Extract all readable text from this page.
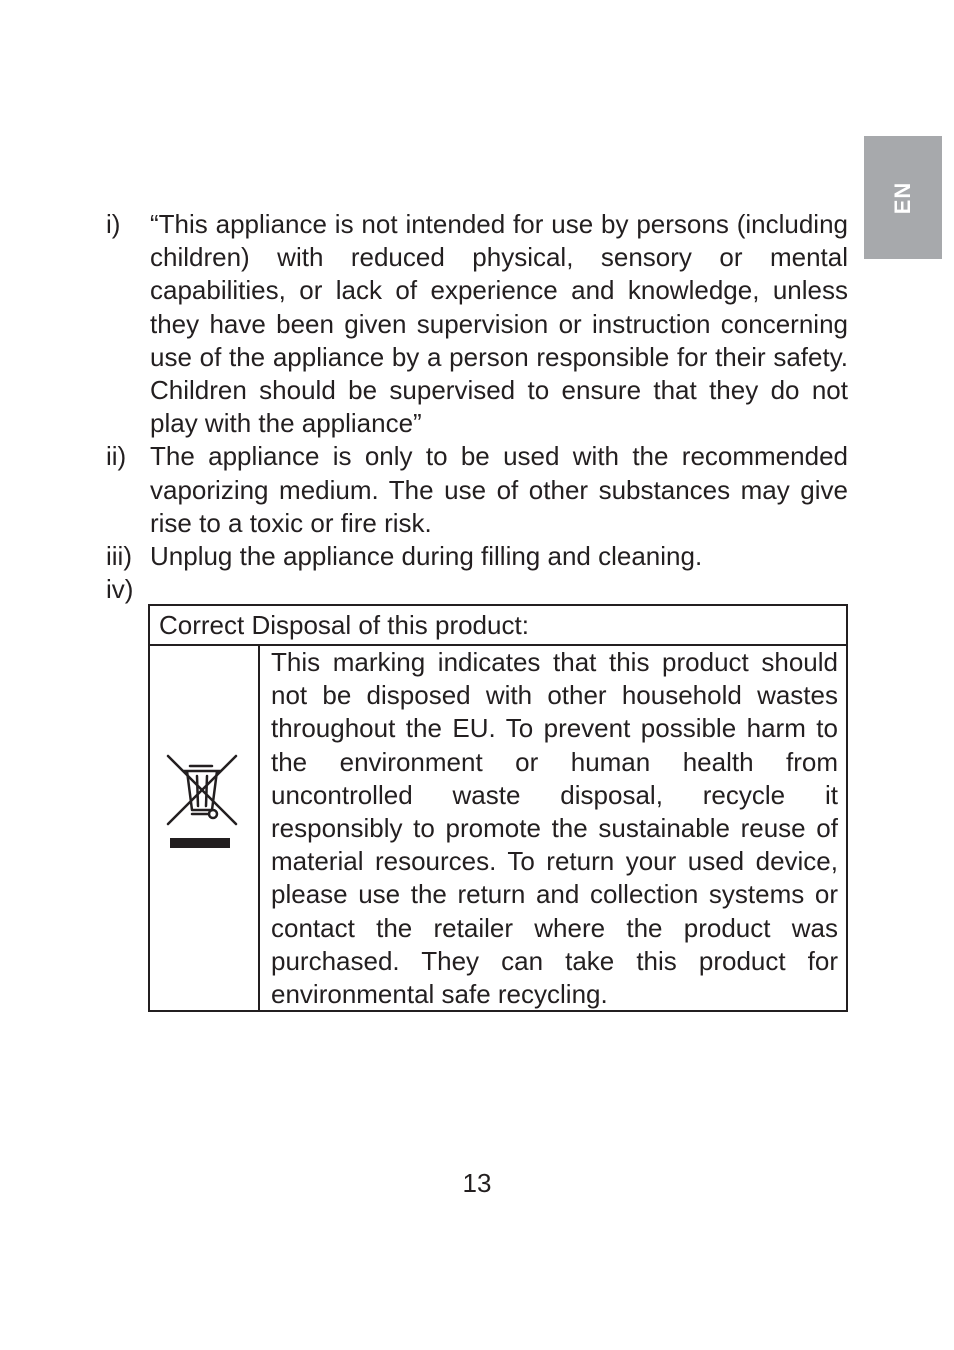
EN
i)	“This appliance is not intended for use by persons (including children) with reduced physical, sensory or mental capabilities, or lack of experience and knowledge, unless they have been given supervision or instruction concerning use of the appliance by a person responsible for their safety. Children should be supervised to ensure that they do not play with the appliance”
ii) The appliance is only to be used with the recommended vaporizing medium. The use of other substances may give rise to a toxic or fire risk.
iii) Unplug the appliance during filling and cleaning.
iv)
Correct Disposal of this product:
This marking indicates that this product should not be disposed with other household wastes throughout the EU. To prevent possible harm to the environment or human health from uncontrolled waste disposal, recycle it responsibly to promote the sustainable reuse of material resources. To return your used device, please use the return and collection systems or contact the retailer where the product was purchased. They can take this product for environmental safe recycling.
13
